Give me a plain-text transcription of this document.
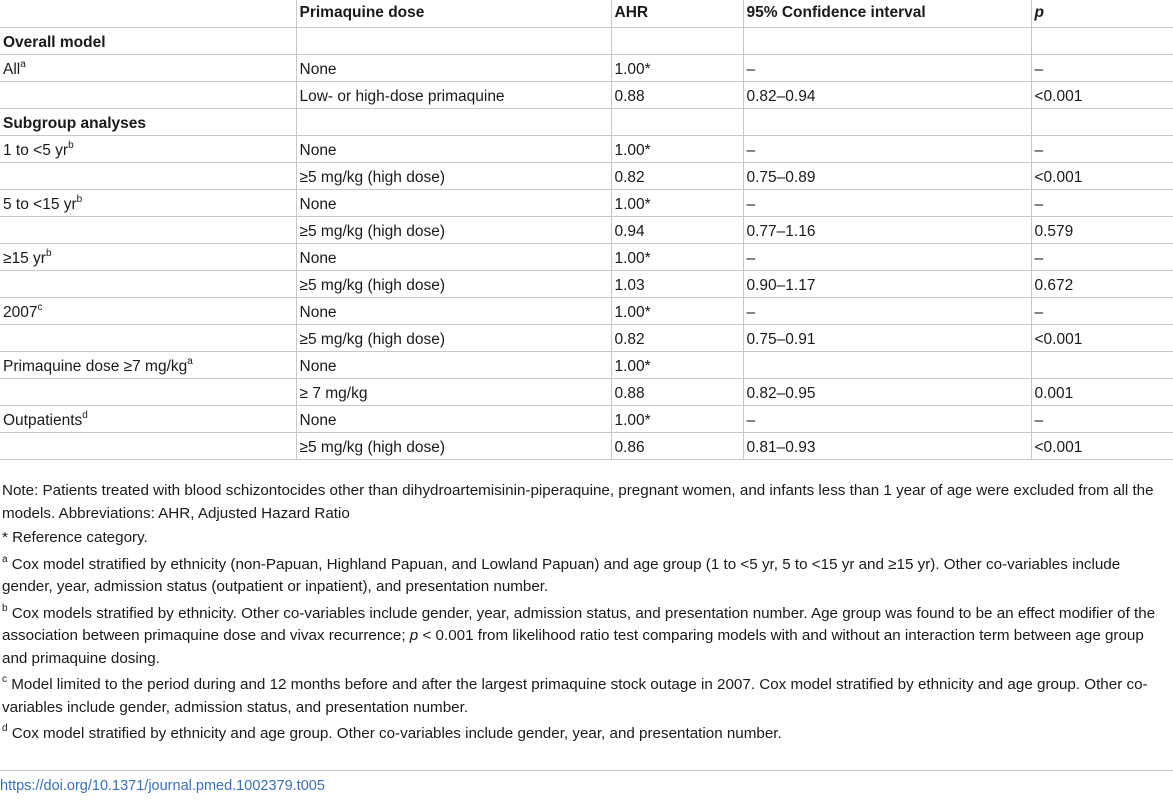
	Primaquine dose	AHR	95% Confidence interval	p
Overall model				
All$^a$	None	1.00*	–	–
	Low- or high-dose primaquine	0.88	0.82–0.94	<0.001
Subgroup analyses				
1 to <5 $yr^b$	None	1.00*	–	–
	≥5 mg/kg (high dose)	0.82	0.75–0.89	<0.001
5 to <15 $yr^b$	None	1.00*	–	–
	≥5 mg/kg (high dose)	0.94	0.77–1.16	0.579
≥15 $yr^b$	None	1.00*	–	–
	≥5 mg/kg (high dose)	1.03	0.90–1.17	0.672
2007$^c$	None	1.00*	–	–
	≥5 mg/kg (high dose)	0.82	0.75–0.91	<0.001
Primaquine dose ≥7 $mg/kg^a$	None	1.00*		
	≥ 7 mg/kg	0.88	0.82–0.95	0.001
Outpatients$^d$	None	1.00*	–	–
	≥5 mg/kg (high dose)	0.86	0.81–0.93	<0.001

Note: Patients treated with blood schizontocides other than dihydroartemisinin-piperaquine, pregnant women, and infants less than 1 year of age were excluded from all the models. Abbreviations: AHR, Adjusted Hazard Ratio

* Reference category.

$^a$ Cox model stratified by ethnicity (non-Papuan, Highland Papuan, and Lowland Papuan) and age group (1 to <5 yr, 5 to <15 yr and ≥15 yr). Other co-variables include gender, year, admission status (outpatient or inpatient), and presentation number.

$^b$ Cox models stratified by ethnicity. Other co-variables include gender, year, admission status, and presentation number. Age group was found to be an effect modifier of the association between primaquine dose and vivax recurrence; p < 0.001 from likelihood ratio test comparing models with and without an interaction term between age group and primaquine dosing.

$^c$ Model limited to the period during and 12 months before and after the largest primaquine stock outage in 2007. Cox model stratified by ethnicity and age group. Other co-variables include gender, admission status, and presentation number.

$^d$ Cox model stratified by ethnicity and age group. Other co-variables include gender, year, and presentation number.

https://doi.org/10.1371/journal.pmed.1002379.t005
